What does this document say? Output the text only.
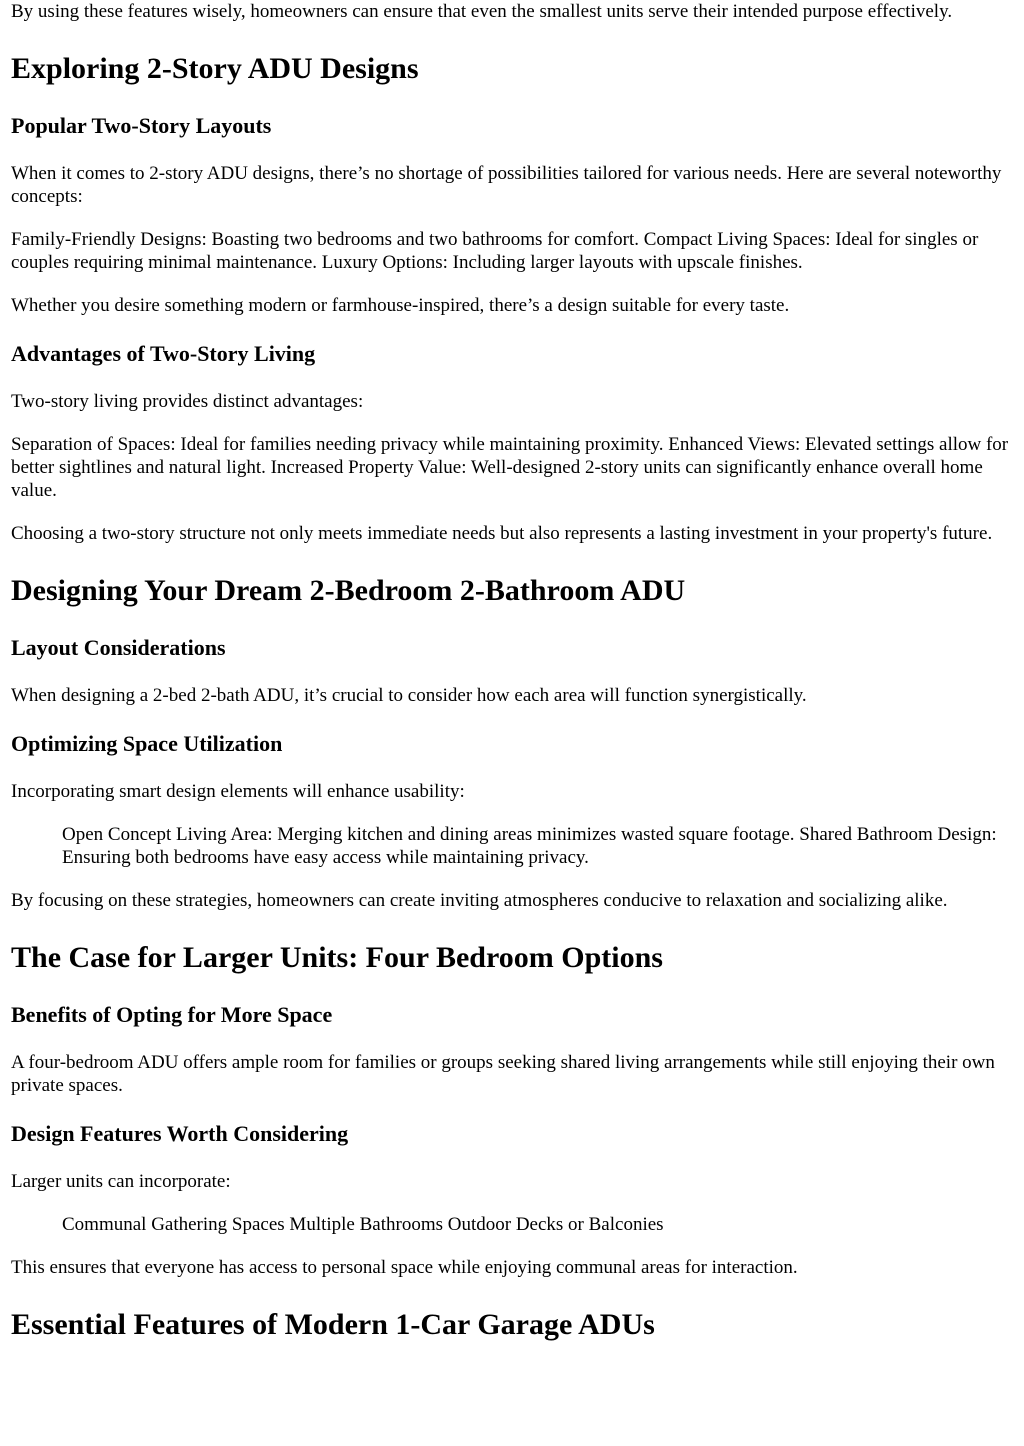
By using these features wisely, homeowners can ensure that even the smallest units serve their intended purpose effectively.

Exploring 2-Story ADU Designs
Popular Two-Story Layouts

When it comes to 2-story ADU designs, there’s no shortage of possibilities tailored for various needs. Here are several noteworthy concepts:

Family-Friendly Designs: Boasting two bedrooms and two bathrooms for comfort. Compact Living Spaces: Ideal for singles or couples requiring minimal maintenance. Luxury Options: Including larger layouts with upscale finishes.

Whether you desire something modern or farmhouse-inspired, there’s a design suitable for every taste.

Advantages of Two-Story Living

Two-story living provides distinct advantages:

Separation of Spaces: Ideal for families needing privacy while maintaining proximity. Enhanced Views: Elevated settings allow for better sightlines and natural light. Increased Property Value: Well-designed 2-story units can significantly enhance overall home value.

Choosing a two-story structure not only meets immediate needs but also represents a lasting investment in your property's future.

Designing Your Dream 2-Bedroom 2-Bathroom ADU
Layout Considerations

When designing a 2-bed 2-bath ADU, it’s crucial to consider how each area will function synergistically.

Optimizing Space Utilization

Incorporating smart design elements will enhance usability:

Open Concept Living Area: Merging kitchen and dining areas minimizes wasted square footage. Shared Bathroom Design: Ensuring both bedrooms have easy access while maintaining privacy.

By focusing on these strategies, homeowners can create inviting atmospheres conducive to relaxation and socializing alike.

The Case for Larger Units: Four Bedroom Options
Benefits of Opting for More Space

A four-bedroom ADU offers ample room for families or groups seeking shared living arrangements while still enjoying their own private spaces.

Design Features Worth Considering

Larger units can incorporate:

Communal Gathering Spaces Multiple Bathrooms Outdoor Decks or Balconies

This ensures that everyone has access to personal space while enjoying communal areas for interaction.

Essential Features of Modern 1-Car Garage ADUs
